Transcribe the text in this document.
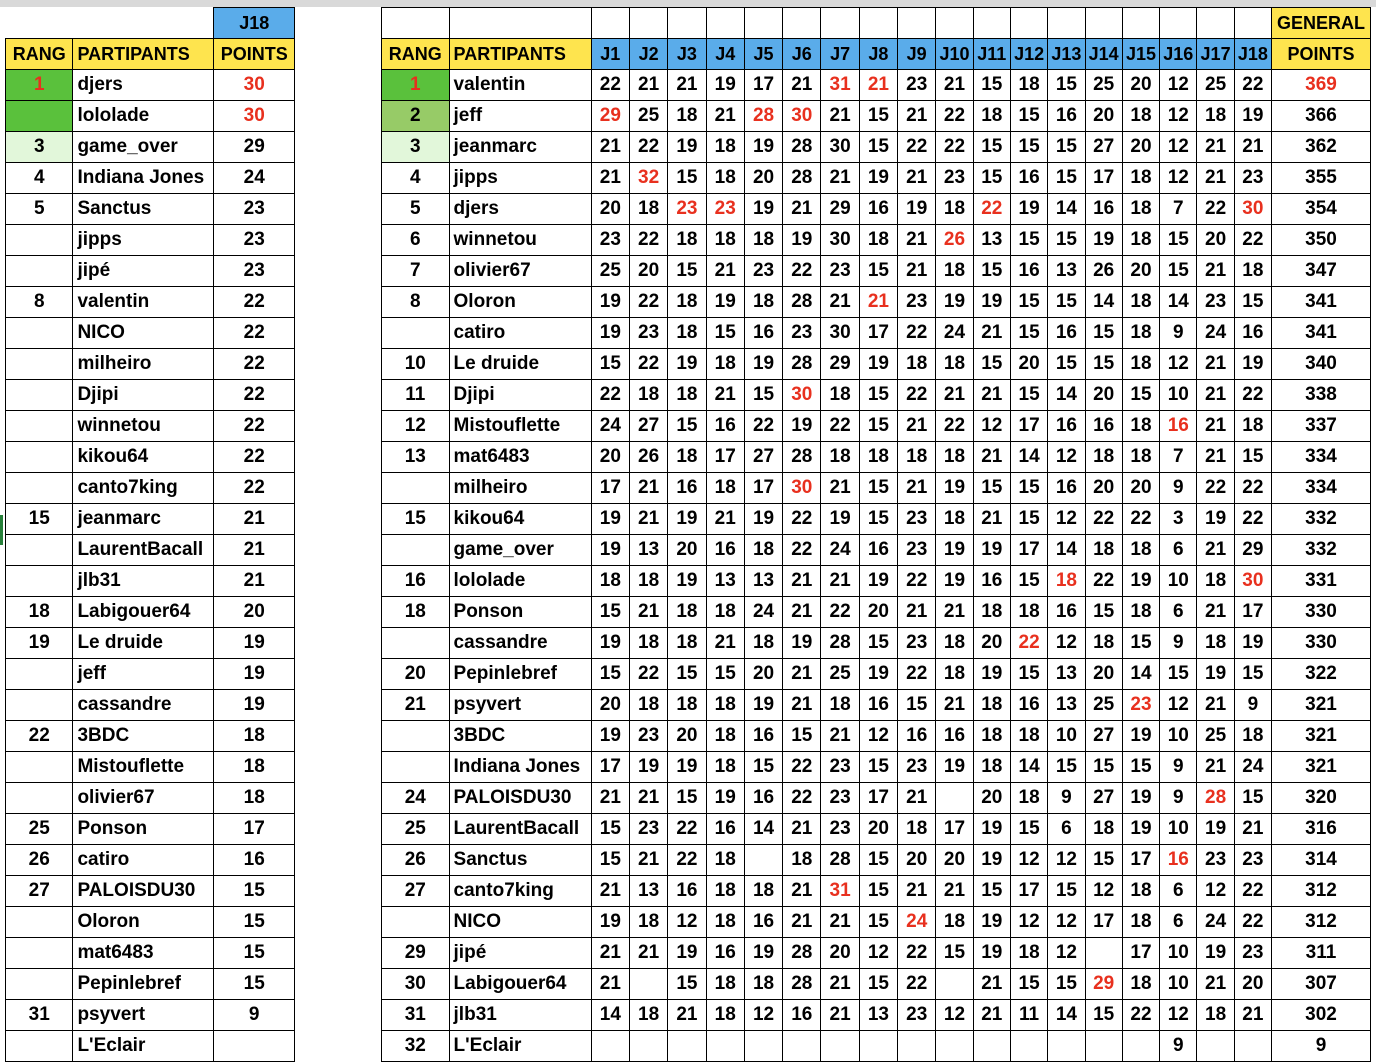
		J18
RANG	PARTIPANTS	POINTS
1	djers	30
	lololade	30
3	game_over	29
4	Indiana Jones	24
5	Sanctus	23
	jipps	23
	jipé	23
8	valentin	22
	NICO	22
	milheiro	22
	Djipi	22
	winnetou	22
	kikou64	22
	canto7king	22
15	jeanmarc	21
	LaurentBacall	21
	jlb31	21
18	Labigouer64	20
19	Le druide	19
	jeff	19
	cassandre	19
22	3BDC	18
	Mistouflette	18
	olivier67	18
25	Ponson	17
26	catiro	16
27	PALOISDU30	15
	Oloron	15
	mat6483	15
	Pepinlebref	15
31	psyvert	9
	L'Eclair	
																				GENERAL
RANG	PARTIPANTS	J1	J2	J3	J4	J5	J6	J7	J8	J9	J10	J11	J12	J13	J14	J15	J16	J17	J18	POINTS
1	valentin	22	21	21	19	17	21	31	21	23	21	15	18	15	25	20	12	25	22	369
2	jeff	29	25	18	21	28	30	21	15	21	22	18	15	16	20	18	12	18	19	366
3	jeanmarc	21	22	19	18	19	28	30	15	22	22	15	15	15	27	20	12	21	21	362
4	jipps	21	32	15	18	20	28	21	19	21	23	15	16	15	17	18	12	21	23	355
5	djers	20	18	23	23	19	21	29	16	19	18	22	19	14	16	18	7	22	30	354
6	winnetou	23	22	18	18	18	19	30	18	21	26	13	15	15	19	18	15	20	22	350
7	olivier67	25	20	15	21	23	22	23	15	21	18	15	16	13	26	20	15	21	18	347
8	Oloron	19	22	18	19	18	28	21	21	23	19	19	15	15	14	18	14	23	15	341
	catiro	19	23	18	15	16	23	30	17	22	24	21	15	16	15	18	9	24	16	341
10	Le druide	15	22	19	18	19	28	29	19	18	18	15	20	15	15	18	12	21	19	340
11	Djipi	22	18	18	21	15	30	18	15	22	21	21	15	14	20	15	10	21	22	338
12	Mistouflette	24	27	15	16	22	19	22	15	21	22	12	17	16	16	18	16	21	18	337
13	mat6483	20	26	18	17	27	28	18	18	18	18	21	14	12	18	18	7	21	15	334
	milheiro	17	21	16	18	17	30	21	15	21	19	15	15	16	20	20	9	22	22	334
15	kikou64	19	21	19	21	19	22	19	15	23	18	21	15	12	22	22	3	19	22	332
	game_over	19	13	20	16	18	22	24	16	23	19	19	17	14	18	18	6	21	29	332
16	lololade	18	18	19	13	13	21	21	19	22	19	16	15	18	22	19	10	18	30	331
18	Ponson	15	21	18	18	24	21	22	20	21	21	18	18	16	15	18	6	21	17	330
	cassandre	19	18	18	21	18	19	28	15	23	18	20	22	12	18	15	9	18	19	330
20	Pepinlebref	15	22	15	15	20	21	25	19	22	18	19	15	13	20	14	15	19	15	322
21	psyvert	20	18	18	18	19	21	18	16	15	21	18	16	13	25	23	12	21	9	321
	3BDC	19	23	20	18	16	15	21	12	16	16	18	18	10	27	19	10	25	18	321
	Indiana Jones	17	19	19	18	15	22	23	15	23	19	18	14	15	15	15	9	21	24	321
24	PALOISDU30	21	21	15	19	16	22	23	17	21		20	18	9	27	19	9	28	15	320
25	LaurentBacall	15	23	22	16	14	21	23	20	18	17	19	15	6	18	19	10	19	21	316
26	Sanctus	15	21	22	18		18	28	15	20	20	19	12	12	15	17	16	23	23	314
27	canto7king	21	13	16	18	18	21	31	15	21	21	15	17	15	12	18	6	12	22	312
	NICO	19	18	12	18	16	21	21	15	24	18	19	12	12	17	18	6	24	22	312
29	jipé	21	21	19	16	19	28	20	12	22	15	19	18	12		17	10	19	23	311
30	Labigouer64	21		15	18	18	28	21	15	22		21	15	15	29	18	10	21	20	307
31	jlb31	14	18	21	18	12	16	21	13	23	12	21	11	14	15	22	12	18	21	302
32	L'Eclair																9			9
